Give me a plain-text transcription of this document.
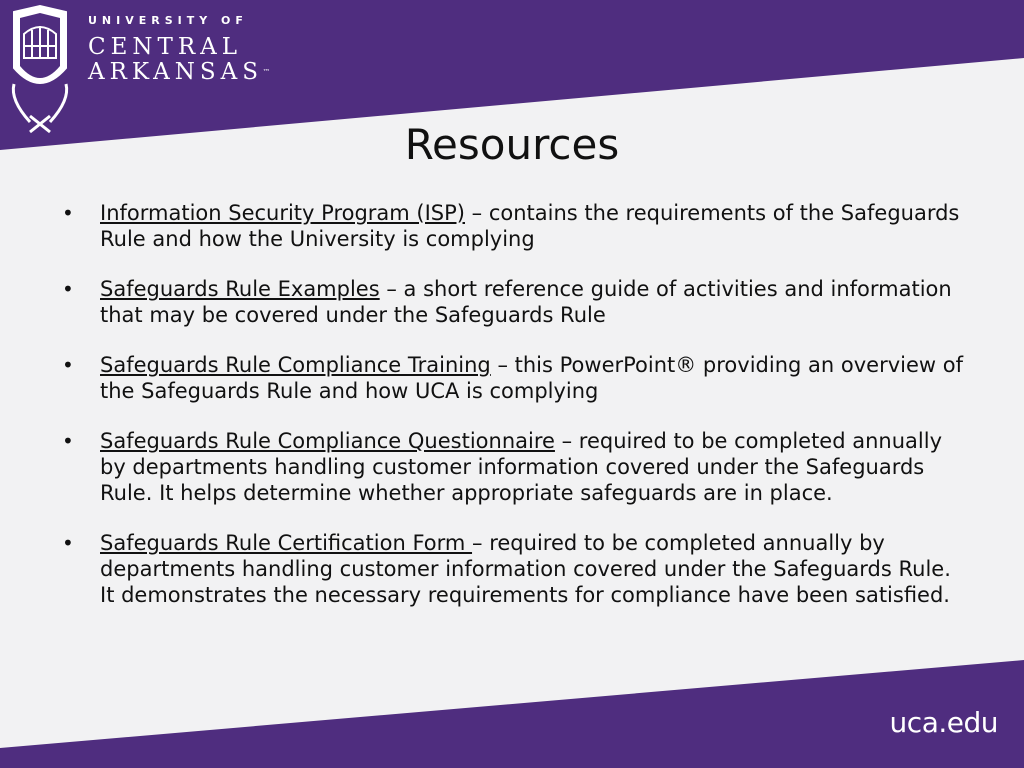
UNIVERSITY OF
CENTRAL
ARKANSAS™
Resources
• Information Security Program (ISP) – contains the requirements of the Safeguards Rule and how the University is complying
• Safeguards Rule Examples – a short reference guide of activities and information that may be covered under the Safeguards Rule
• Safeguards Rule Compliance Training – this PowerPoint® providing an overview of the Safeguards Rule and how UCA is complying
• Safeguards Rule Compliance Questionnaire – required to be completed annually by departments handling customer information covered under the Safeguards Rule. It helps determine whether appropriate safeguards are in place.
• Safeguards Rule Certification Form – required to be completed annually by departments handling customer information covered under the Safeguards Rule. It demonstrates the necessary requirements for compliance have been satisfied.
uca.edu
